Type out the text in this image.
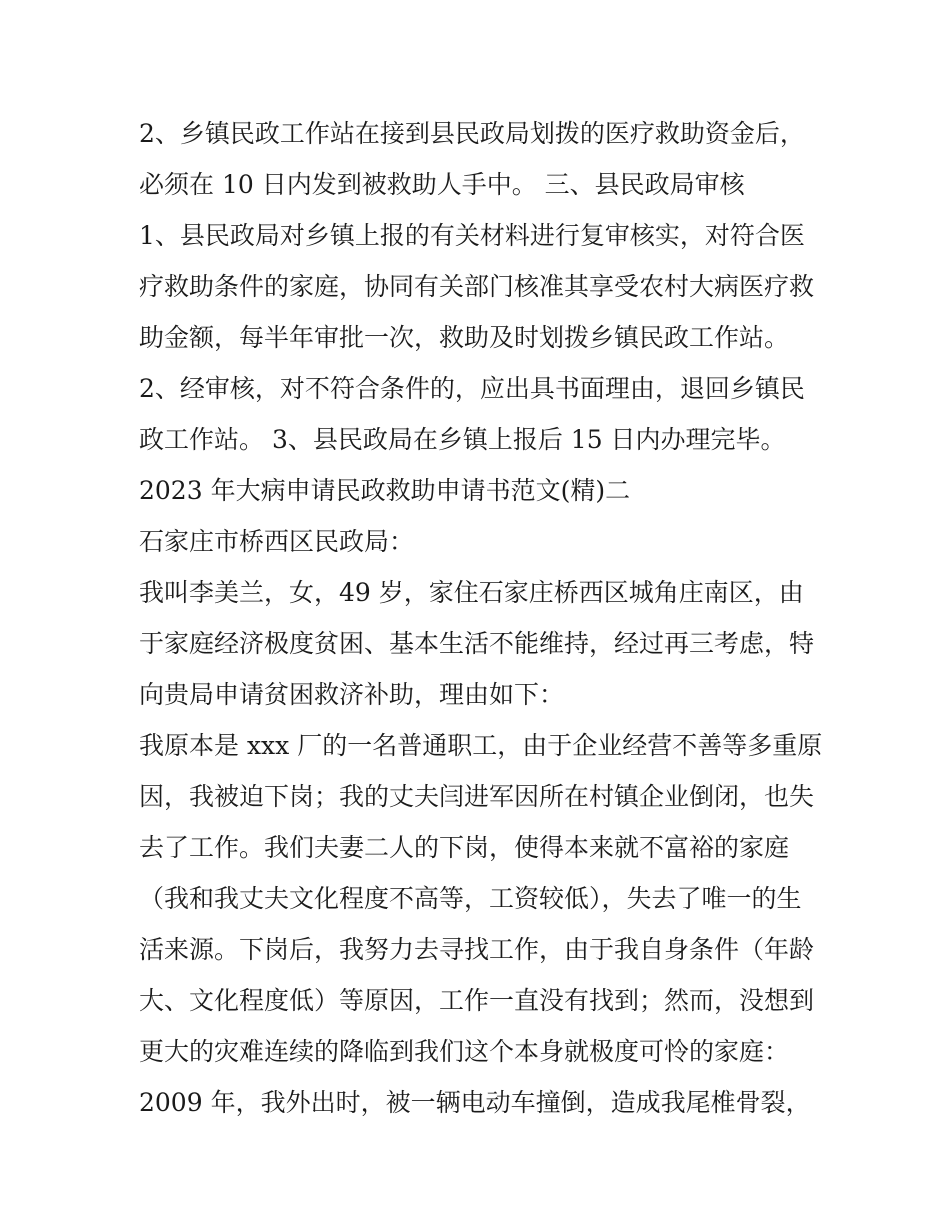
2、乡镇民政工作站在接到县民政局划拨的医疗救助资金后，
必须在 10 日内发到被救助人手中。 三、县民政局审核
1、县民政局对乡镇上报的有关材料进行复审核实，对符合医
疗救助条件的家庭，协同有关部门核准其享受农村大病医疗救
助金额，每半年审批一次，救助及时划拨乡镇民政工作站。
2、经审核，对不符合条件的，应出具书面理由，退回乡镇民
政工作站。 3、县民政局在乡镇上报后 15 日内办理完毕。
2023 年大病申请民政救助申请书范文(精)二
石家庄市桥西区民政局：
我叫李美兰，女，49 岁，家住石家庄桥西区城角庄南区，由
于家庭经济极度贫困、基本生活不能维持，经过再三考虑，特
向贵局申请贫困救济补助，理由如下：
我原本是 xxx 厂的一名普通职工，由于企业经营不善等多重原
因，我被迫下岗；我的丈夫闫进军因所在村镇企业倒闭，也失
去了工作。我们夫妻二人的下岗，使得本来就不富裕的家庭
（我和我丈夫文化程度不高等，工资较低），失去了唯一的生
活来源。下岗后，我努力去寻找工作，由于我自身条件（年龄
大、文化程度低）等原因，工作一直没有找到；然而，没想到
更大的灾难连续的降临到我们这个本身就极度可怜的家庭：
2009 年，我外出时，被一辆电动车撞倒，造成我尾椎骨裂，
